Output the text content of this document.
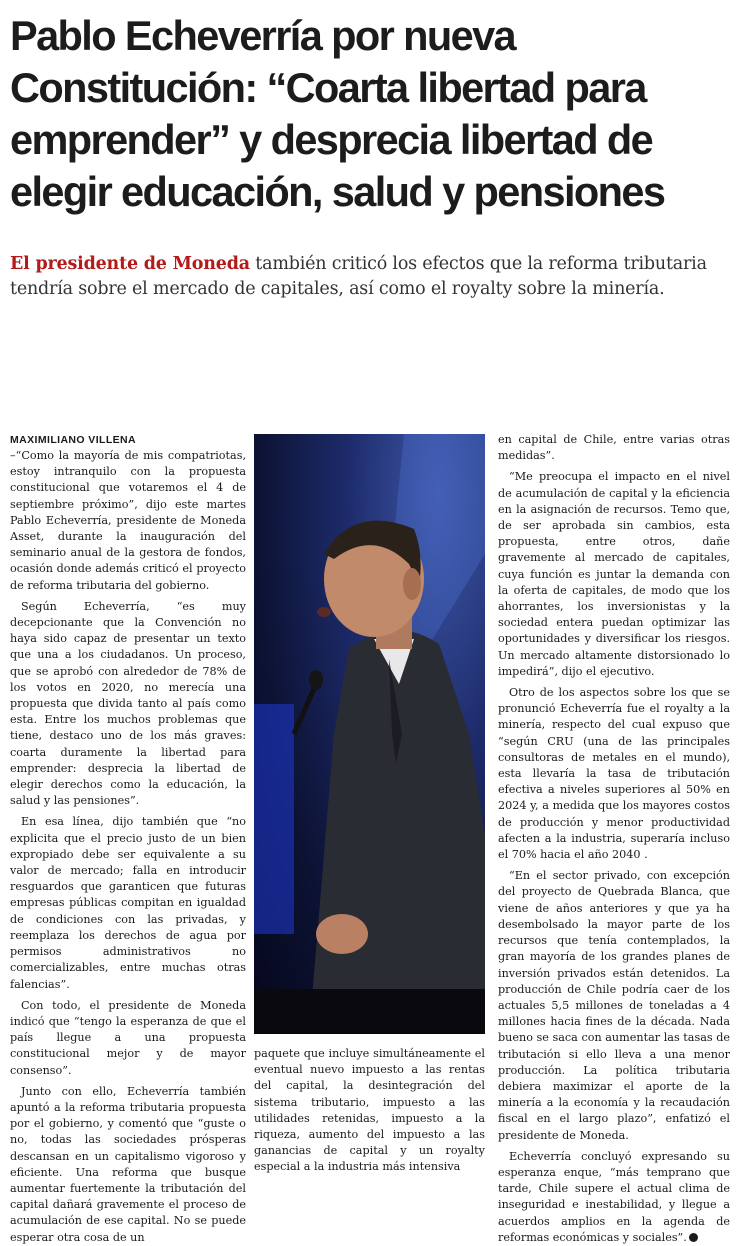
Pablo Echeverría por nueva
Constitución: “Coarta libertad para
emprender” y desprecia libertad de
elegir educación, salud y pensiones
El presidente de Moneda también criticó los efectos que la reforma tributaria tendría sobre el mercado de capitales, así como el royalty sobre la minería.
MAXIMILIANO VILLENA

–“Como la mayoría de mis compatriotas, estoy intranquilo con la propuesta constitucional que votaremos el 4 de septiembre próximo”, dijo este martes Pablo Echeverría, presidente de Moneda Asset, durante la inauguración del seminario anual de la gestora de fondos, ocasión donde además criticó el proyecto de reforma tributaria del gobierno.

Según Echeverría, “es muy decepcionante que la Convención no haya sido capaz de presentar un texto que una a los ciudadanos. Un proceso, que se aprobó con alrededor de 78% de los votos en 2020, no merecía una propuesta que divida tanto al país como esta. Entre los muchos problemas que tiene, destaco uno de los más graves: coarta duramente la libertad para emprender: desprecia la libertad de elegir derechos como la educación, la salud y las pensiones”.

En esa línea, dijo también que “no explicita que el precio justo de un bien expropiado debe ser equivalente a su valor de mercado; falla en introducir resguardos que garanticen que futuras empresas públicas compitan en igualdad de condiciones con las privadas, y reemplaza los derechos de agua por permisos administrativos no comercializables, entre muchas otras falencias”.

Con todo, el presidente de Moneda indicó que “tengo la esperanza de que el país llegue a una propuesta constitucional mejor y de mayor consenso”.

Junto con ello, Echeverría también apuntó a la reforma tributaria propuesta por el gobierno, y comentó que “guste o no, todas las sociedades prósperas descansan en un capitalismo vigoroso y eficiente. Una reforma que busque aumentar fuertemente la tributación del capital dañará gravemente el proceso de acumulación de ese capital. No se puede esperar otra cosa de un

paquete que incluye simultáneamente el eventual nuevo impuesto a las rentas del capital, la desintegración del sistema tributario, impuesto a las utilidades retenidas, impuesto a la riqueza, aumento del impuesto a las ganancias de capital y un royalty especial a la industria más intensiva

en capital de Chile, entre varias otras medidas”.

“Me preocupa el impacto en el nivel de acumulación de capital y la eficiencia en la asignación de recursos. Temo que, de ser aprobada sin cambios, esta propuesta, entre otros, dañe gravemente al mercado de capitales, cuya función es juntar la demanda con la oferta de capitales, de modo que los ahorrantes, los inversionistas y la sociedad entera puedan optimizar las oportunidades y diversificar los riesgos. Un mercado altamente distorsionado lo impedirá”, dijo el ejecutivo.

Otro de los aspectos sobre los que se pronunció Echeverría fue el royalty a la minería, respecto del cual expuso que “según CRU (una de las principales consultoras de metales en el mundo), esta llevaría la tasa de tributación efectiva a niveles superiores al 50% en 2024 y, a medida que los mayores costos de producción y menor productividad afecten a la industria, superaría incluso el 70% hacia el año 2040 .

“En el sector privado, con excepción del proyecto de Quebrada Blanca, que viene de años anteriores y que ya ha desembolsado la mayor parte de los recursos que tenía contemplados, la gran mayoría de los grandes planes de inversión privados están detenidos. La producción de Chile podría caer de los actuales 5,5 millones de toneladas a 4 millones hacia fines de la década. Nada bueno se saca con aumentar las tasas de tributación si ello lleva a una menor producción. La política tributaria debiera maximizar el aporte de la minería a la economía y la recaudación fiscal en el largo plazo”, enfatizó el presidente de Moneda.

Echeverría concluyó expresando su esperanza enque, “más temprano que tarde, Chile supere el actual clima de inseguridad e inestabilidad, y llegue a acuerdos amplios en la agenda de reformas económicas y sociales”.
